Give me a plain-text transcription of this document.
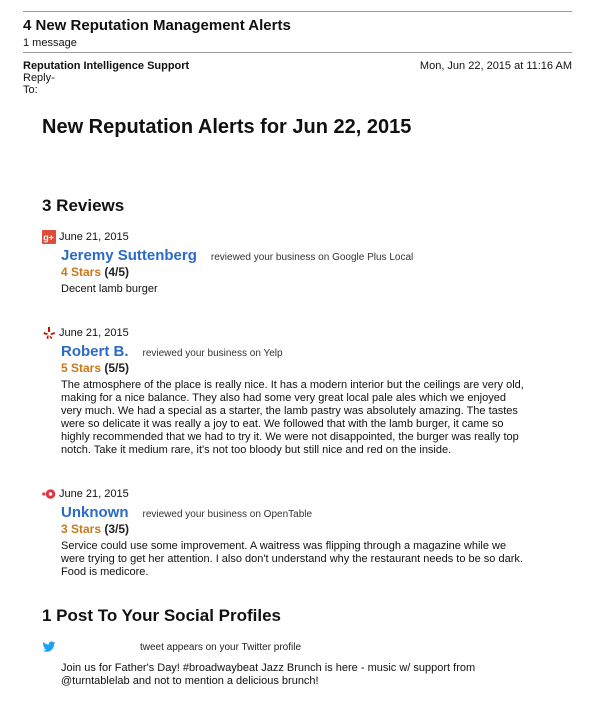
4 New Reputation Management Alerts
1 message
Reputation Intelligence Support	Mon, Jun 22, 2015 at 11:16 AM
Reply-
To:
New Reputation Alerts for Jun 22, 2015
3 Reviews
g+ June 21, 2015
Jeremy Suttenberg reviewed your business on Google Plus Local
4 Stars (4/5)
Decent lamb burger
June 21, 2015
Robert B. reviewed your business on Yelp
5 Stars (5/5)
The atmosphere of the place is really nice. It has a modern interior but the ceilings are very old,
making for a nice balance. They also had some very great local pale ales which we enjoyed
very much. We had a special as a starter, the lamb pastry was absolutely amazing. The tastes
were so delicate it was really a joy to eat. We followed that with the lamb burger, it came so
highly recommended that we had to try it. We were not disappointed, the burger was really top
notch. Take it medium rare, it's not too bloody but still nice and red on the inside.
June 21, 2015
Unknown reviewed your business on OpenTable
3 Stars (3/5)
Service could use some improvement. A waitress was flipping through a magazine while we
were trying to get her attention. I also don't understand why the restaurant needs to be so dark.
Food is medicore.
1 Post To Your Social Profiles
tweet appears on your Twitter profile
Join us for Father's Day! #broadwaybeat Jazz Brunch is here - music w/ support from
@turntablelab and not to mention a delicious brunch!
